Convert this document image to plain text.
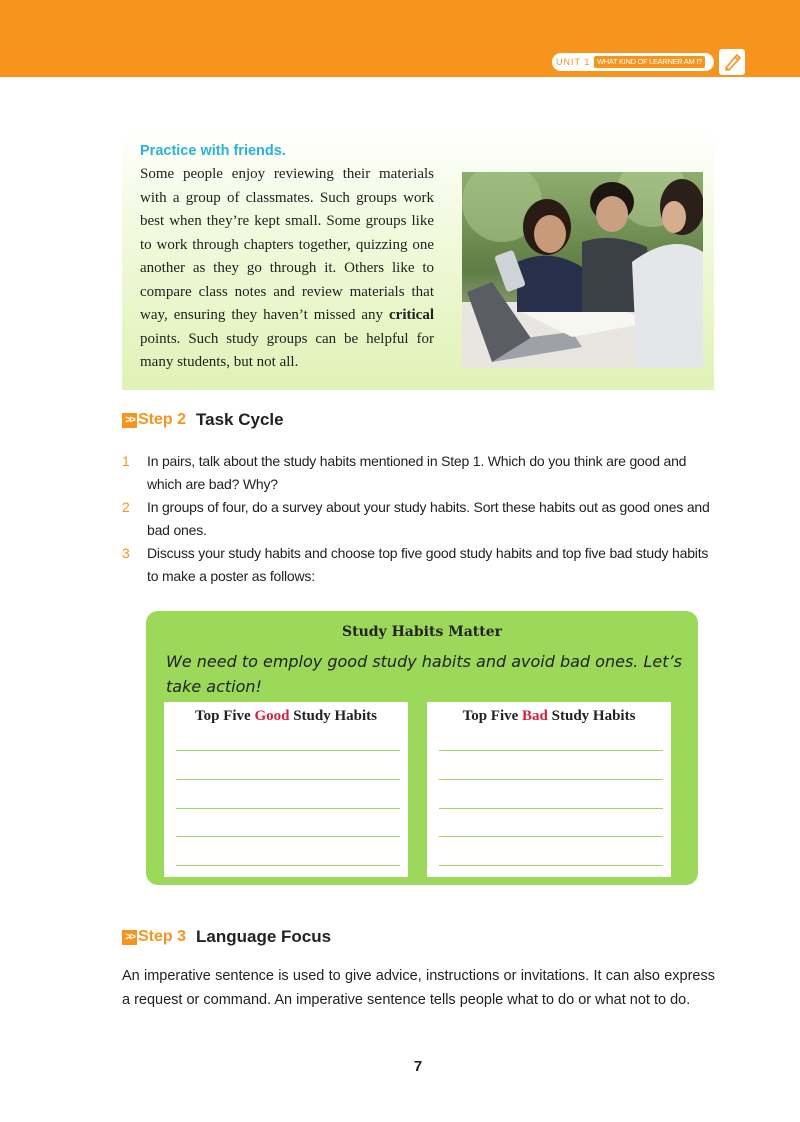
UNIT 1 WHAT KIND OF LEARNER AM I?
Practice with friends.
Some people enjoy reviewing their materials with a group of classmates. Such groups work best when they’re kept small. Some groups like to work through chapters together, quizzing one another as they go through it. Others like to compare class notes and review materials that way, ensuring they haven’t missed any critical points. Such study groups can be helpful for many students, but not all.
>> Step 2 Task Cycle
1 In pairs, talk about the study habits mentioned in Step 1. Which do you think are good and which are bad? Why?
2 In groups of four, do a survey about your study habits. Sort these habits out as good ones and bad ones.
3 Discuss your study habits and choose top five good study habits and top five bad study habits to make a poster as follows:
Study Habits Matter
We need to employ good study habits and avoid bad ones. Let’s take action!
Top Five Good Study Habits	Top Five Bad Study Habits
>> Step 3 Language Focus
An imperative sentence is used to give advice, instructions or invitations. It can also express a request or command. An imperative sentence tells people what to do or what not to do.
7
